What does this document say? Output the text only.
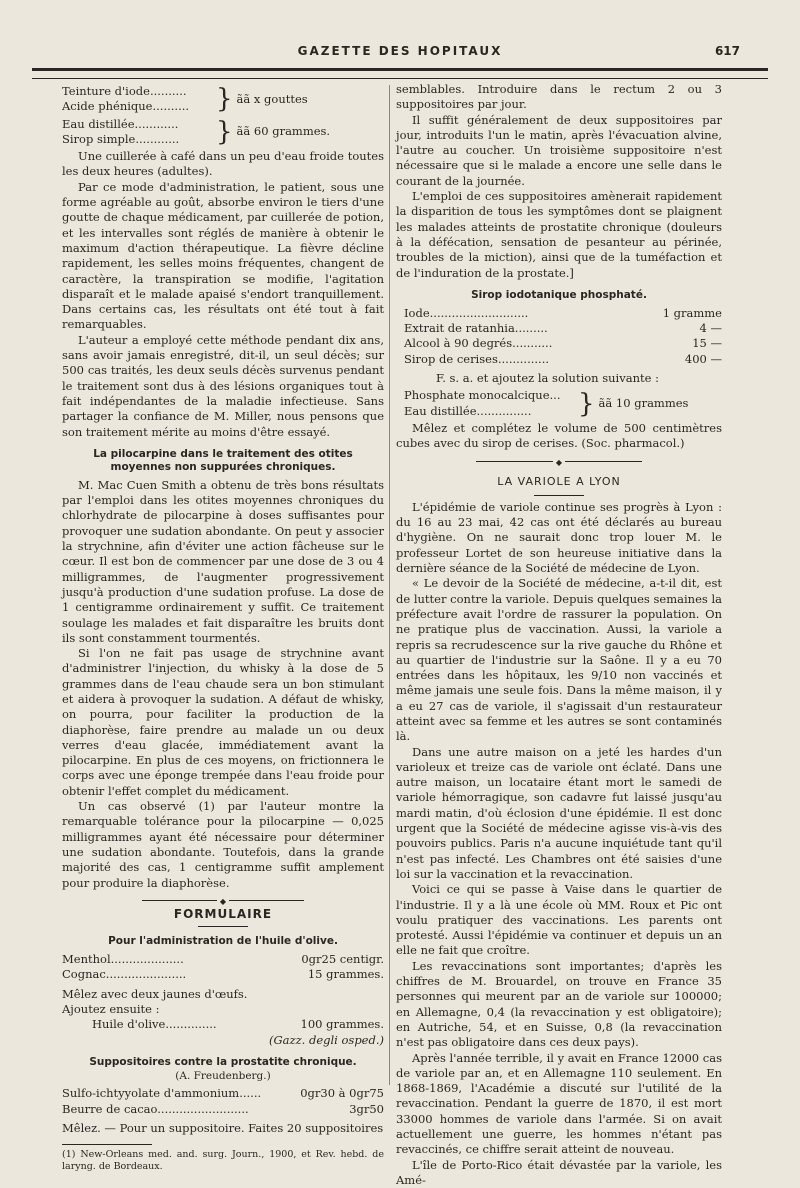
GAZETTE DES HOPITAUX	617
Teinture d'iode..........
Acide phénique..........	} ãã x gouttes
Eau distillée............
Sirop simple............	} ãã 60 grammes.

Une cuillerée à café dans un peu d'eau froide toutes les deux heures (adultes).

Par ce mode d'administration, le patient, sous une forme agréable au goût, absorbe environ le tiers d'une goutte de chaque médicament, par cuillerée de potion, et les intervalles sont réglés de manière à obtenir le maximum d'action thérapeutique. La fièvre décline rapidement, les selles moins fréquentes, changent de caractère, la transpiration se modifie, l'agitation disparaît et le malade apaisé s'endort tranquillement. Dans certains cas, les résultats ont été tout à fait remarquables.

L'auteur a employé cette méthode pendant dix ans, sans avoir jamais enregistré, dit-il, un seul décès; sur 500 cas traités, les deux seuls décès survenus pendant le traitement sont dus à des lésions organiques tout à fait indépendantes de la maladie infectieuse. Sans partager la confiance de M. Miller, nous pensons que son traitement mérite au moins d'être essayé.

La pilocarpine dans le traitement des otites moyennes non suppurées chroniques.

M. Mac Cuen Smith a obtenu de très bons résultats par l'emploi dans les otites moyennes chroniques du chlorhydrate de pilocarpine à doses suffisantes pour provoquer une sudation abondante. On peut y associer la strychnine, afin d'éviter une action fâcheuse sur le cœur. Il est bon de commencer par une dose de 3 ou 4 milligrammes, de l'augmenter progressivement jusqu'à production d'une sudation profuse. La dose de 1 centigramme ordinairement y suffit. Ce traitement soulage les malades et fait disparaître les bruits dont ils sont constamment tourmentés.

Si l'on ne fait pas usage de strychnine avant d'administrer l'injection, du whisky à la dose de 5 grammes dans de l'eau chaude sera un bon stimulant et aidera à provoquer la sudation. A défaut de whisky, on pourra, pour faciliter la production de la diaphorèse, faire prendre au malade un ou deux verres d'eau glacée, immédiatement avant la pilocarpine. En plus de ces moyens, on frictionnera le corps avec une éponge trempée dans l'eau froide pour obtenir l'effet complet du médicament.

Un cas observé (1) par l'auteur montre la remarquable tolérance pour la pilocarpine — 0,025 milligrammes ayant été nécessaire pour déterminer une sudation abondante. Toutefois, dans la grande majorité des cas, 1 centigramme suffit amplement pour produire la diaphorèse.

◆
FORMULAIRE
Pour l'administration de l'huile d'olive.
Menthol....................	0gr25 centigr.
Cognac......................	15 grammes.
Mêlez avec deux jaunes d'œufs.
Ajoutez ensuite :
Huile d'olive..............	100 grammes.
(Gazz. degli osped.)
Suppositoires contre la prostatite chronique.
(A. Freudenberg.)
Sulfo-ichtyyolate d'ammonium......	0gr30 à 0gr75
Beurre de cacao.........................	3gr50
Mêlez. — Pour un suppositoire. Faites 20 suppositoires

(1) New-Orleans med. and. surg. Journ., 1900, et Rev. hebd. de laryng. de Bordeaux.

semblables. Introduire dans le rectum 2 ou 3 suppositoires par jour.

Il suffit généralement de deux suppositoires par jour, introduits l'un le matin, après l'évacuation alvine, l'autre au coucher. Un troisième suppositoire n'est nécessaire que si le malade a encore une selle dans le courant de la journée.

L'emploi de ces suppositoires amènerait rapidement la disparition de tous les symptômes dont se plaignent les malades atteints de prostatite chronique (douleurs à la défécation, sensation de pesanteur au périnée, troubles de la miction), ainsi que de la tuméfaction et de l'induration de la prostate.]

Sirop iodotanique phosphaté.
Iode...........................	1 gramme
Extrait de ratanhia.........	4 —
Alcool à 90 degrés...........	15 —
Sirop de cerises..............	400 —
F. s. a. et ajoutez la solution suivante :
Phosphate monocalcique...
Eau distillée...............	} ãã 10 grammes

Mêlez et complétez le volume de 500 centimètres cubes avec du sirop de cerises. (Soc. pharmacol.)

◆
LA VARIOLE A LYON

L'épidémie de variole continue ses progrès à Lyon : du 16 au 23 mai, 42 cas ont été déclarés au bureau d'hygiène. On ne saurait donc trop louer M. le professeur Lortet de son heureuse initiative dans la dernière séance de la Société de médecine de Lyon.

« Le devoir de la Société de médecine, a-t-il dit, est de lutter contre la variole. Depuis quelques semaines la préfecture avait l'ordre de rassurer la population. On ne pratique plus de vaccination. Aussi, la variole a repris sa recrudescence sur la rive gauche du Rhône et au quartier de l'industrie sur la Saône. Il y a eu 70 entrées dans les hôpitaux, les 9/10 non vaccinés et même jamais une seule fois. Dans la même maison, il y a eu 27 cas de variole, il s'agissait d'un restaurateur atteint avec sa femme et les autres se sont contaminés là.

Dans une autre maison on a jeté les hardes d'un varioleux et treize cas de variole ont éclaté. Dans une autre maison, un locataire étant mort le samedi de variole hémorragique, son cadavre fut laissé jusqu'au mardi matin, d'où éclosion d'une épidémie. Il est donc urgent que la Société de médecine agisse vis-à-vis des pouvoirs publics. Paris n'a aucune inquiétude tant qu'il n'est pas infecté. Les Chambres ont été saisies d'une loi sur la vaccination et la revaccination.

Voici ce qui se passe à Vaise dans le quartier de l'industrie. Il y a là une école où MM. Roux et Pic ont voulu pratiquer des vaccinations. Les parents ont protesté. Aussi l'épidémie va continuer et depuis un an elle ne fait que croître.

Les revaccinations sont importantes; d'après les chiffres de M. Brouardel, on trouve en France 35 personnes qui meurent par an de variole sur 100000; en Allemagne, 0,4 (la revaccination y est obligatoire); en Autriche, 54, et en Suisse, 0,8 (la revaccination n'est pas obligatoire dans ces deux pays).

Après l'année terrible, il y avait en France 12000 cas de variole par an, et en Allemagne 110 seulement. En 1868-1869, l'Académie a discuté sur l'utilité de la revaccination. Pendant la guerre de 1870, il est mort 33000 hommes de variole dans l'armée. Si on avait actuellement une guerre, les hommes n'étant pas revaccinés, ce chiffre serait atteint de nouveau.

L'île de Porto-Rico était dévastée par la variole, les Amé-
